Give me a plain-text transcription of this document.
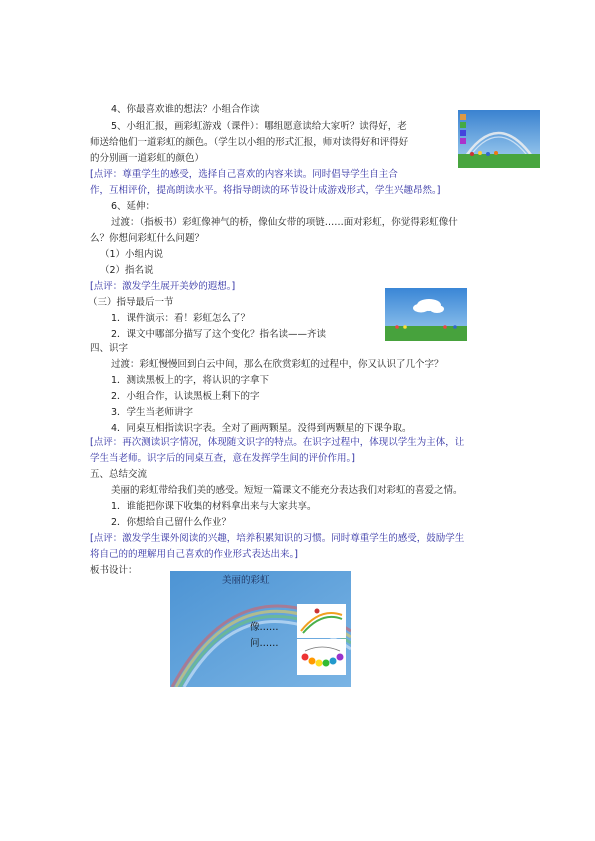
4、你最喜欢谁的想法？小组合作读
5、小组汇报，画彩虹游戏（课件）：哪组愿意读给大家听？读得好，老
师送给他们一道彩虹的颜色。（学生以小组的形式汇报，师对读得好和评得好
的分别画一道彩虹的颜色）
[点评：尊重学生的感受，选择自己喜欢的内容来读。同时倡导学生自主合
作，互相评价，提高朗读水平。将指导朗读的环节设计成游戏形式，学生兴趣昂然。]
6、延伸：
过渡：（指板书）彩虹像神气的桥，像仙女带的项链……面对彩虹，你觉得彩虹像什
么？你想问彩虹什么问题？
（1）小组内说
（2）指名说
[点评：激发学生展开美妙的遐想。]
（三）指导最后一节
1．课件演示：看！彩虹怎么了？
2．课文中哪部分描写了这个变化？指名读——齐读
四、识字
过渡：彩虹慢慢回到白云中间，那么在欣赏彩虹的过程中，你又认识了几个字？
1．测读黑板上的字，将认识的字拿下
2．小组合作，认读黑板上剩下的字
3．学生当老师讲字
4．同桌互相指读识字表。全对了画两颗星。没得到两颗星的下课争取。
[点评：再次测读识字情况，体现随文识字的特点。在识字过程中，体现以学生为主体，让
学生当老师。识字后的同桌互查，意在发挥学生间的评价作用。]
五、总结交流
美丽的彩虹带给我们美的感受。短短一篇课文不能充分表达我们对彩虹的喜爱之情。
1．谁能把你课下收集的材料拿出来与大家共享。
2．你想给自己留什么作业？
[点评：激发学生课外阅读的兴趣，培养积累知识的习惯。同时尊重学生的感受，鼓励学生
将自己的的理解用自己喜欢的作业形式表达出来。]
板书设计：
美丽的彩虹
像……
问……
